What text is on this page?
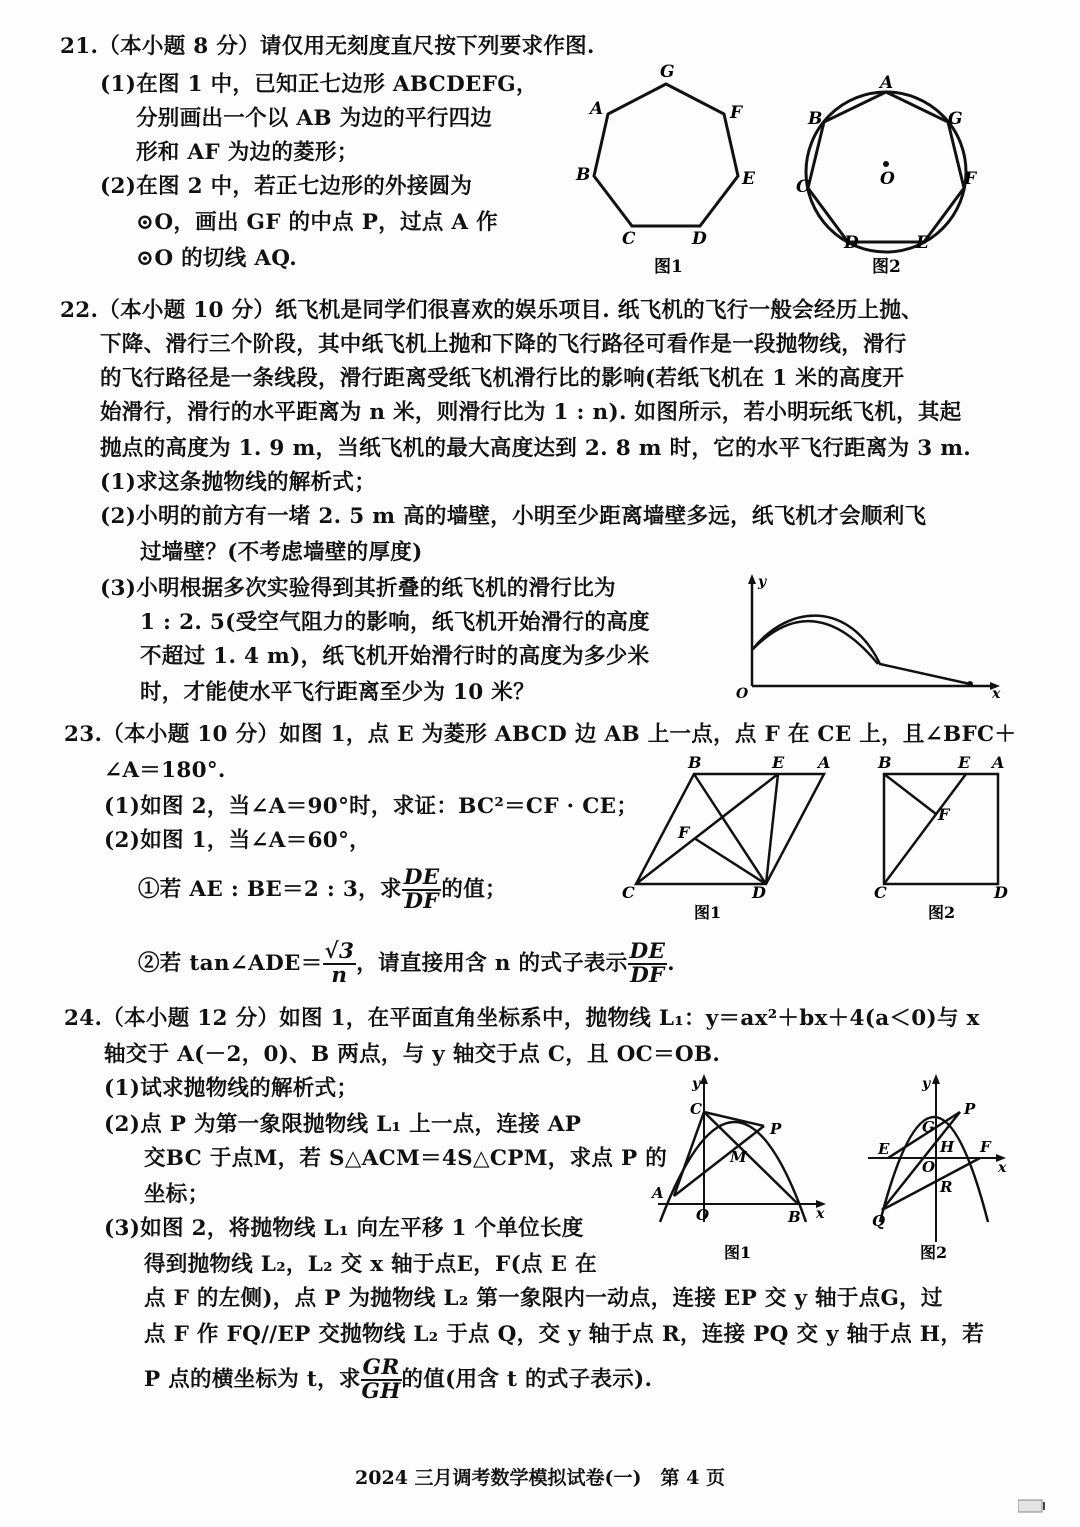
21.（本小题 8 分）请仅用无刻度直尺按下列要求作图.
(1)在图 1 中，已知正七边形 ABCDEFG，
分别画出一个以 AB 为边的平行四边
形和 AF 为边的菱形；
(2)在图 2 中，若正七边形的外接圆为
⊙O，画出 GF 的中点 P，过点 A 作
⊙O 的切线 AQ.
G
A	F
B	E
C	D
图1
A
B	G
O
C	F
D	E
图2
22.（本小题 10 分）纸飞机是同学们很喜欢的娱乐项目. 纸飞机的飞行一般会经历上抛、
下降、滑行三个阶段，其中纸飞机上抛和下降的飞行路径可看作是一段抛物线，滑行
的飞行路径是一条线段，滑行距离受纸飞机滑行比的影响(若纸飞机在 1 米的高度开
始滑行，滑行的水平距离为 n 米，则滑行比为 1 : n). 如图所示，若小明玩纸飞机，其起
抛点的高度为 1. 9 m，当纸飞机的最大高度达到 2. 8 m 时，它的水平飞行距离为 3 m.
(1)求这条抛物线的解析式；
(2)小明的前方有一堵 2. 5 m 高的墙壁，小明至少距离墙壁多远，纸飞机才会顺利飞
过墙壁？(不考虑墙壁的厚度)
(3)小明根据多次实验得到其折叠的纸飞机的滑行比为
1 : 2. 5(受空气阻力的影响，纸飞机开始滑行的高度
不超过 1. 4 m)，纸飞机开始滑行时的高度为多少米
时，才能使水平飞行距离至少为 10 米？
y
x
O
23.（本小题 10 分）如图 1，点 E 为菱形 ABCD 边 AB 上一点，点 F 在 CE 上，且∠BFC＋
∠A＝180°.
(1)如图 2，当∠A＝90°时，求证：BC²＝CF · CE；
(2)如图 1，当∠A＝60°，
①若 AE : BE＝2 : 3，求 $\frac{DE}{DF}$ 的值；
②若 tan∠ADE＝ $\frac{√3}{n}$ ，请直接用含 n 的式子表示 $\frac{DE}{DF}$ .
B	E A
F
C	D
图1
B	E A
F
C	D
图2
24.（本小题 12 分）如图 1，在平面直角坐标系中，抛物线 L₁：y＝ax²＋bx＋4(a＜0)与 x
轴交于 A(－2，0)、B 两点，与 y 轴交于点 C，且 OC＝OB.
(1)试求抛物线的解析式；
(2)点 P 为第一象限抛物线 L₁ 上一点，连接 AP
交BC 于点M，若 S△ACM＝4S△CPM，求点 P 的
坐标；
(3)如图 2，将抛物线 L₁ 向左平移 1 个单位长度
得到抛物线 L₂，L₂ 交 x 轴于点E，F(点 E 在
点 F 的左侧)，点 P 为抛物线 L₂ 第一象限内一动点，连接 EP 交 y 轴于点G，过
点 F 作 FQ//EP 交抛物线 L₂ 于点 Q，交 y 轴于点 R，连接 PQ 交 y 轴于点 H，若
P 点的横坐标为 t，求 $\frac{GR}{GH}$ 的值(用含 t 的式子表示).
y
C
P
M
A
O	B x
图1
y
P
G
E	H F
O	x
R
Q
图2
2024 三月调考数学模拟试卷(一)　第 4 页
